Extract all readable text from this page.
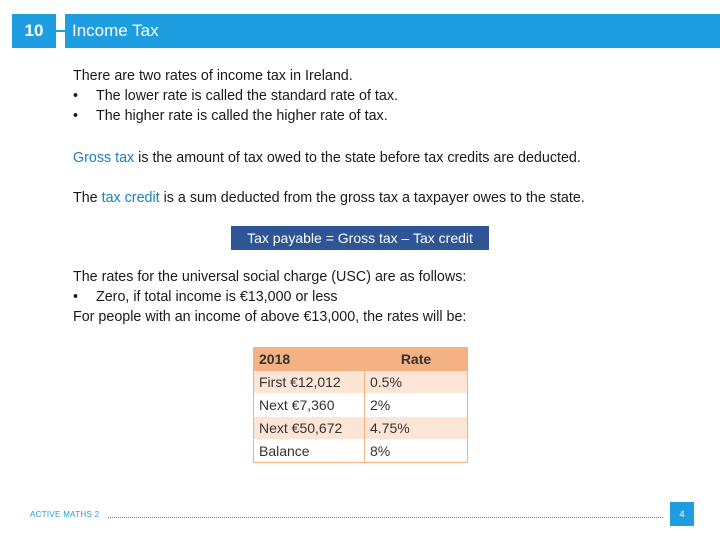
10 Income Tax
There are two rates of income tax in Ireland.
• The lower rate is called the standard rate of tax.
• The higher rate is called the higher rate of tax.
Gross tax is the amount of tax owed to the state before tax credits are deducted.
The tax credit is a sum deducted from the gross tax a taxpayer owes to the state.
Tax payable = Gross tax – Tax credit
The rates for the universal social charge (USC) are as follows:
• Zero, if total income is €13,000 or less
For people with an income of above €13,000, the rates will be:
2018	Rate
First €12,012	0.5%
Next €7,360	2%
Next €50,672	4.75%
Balance	8%
ACTIVE MATHS 2	4
